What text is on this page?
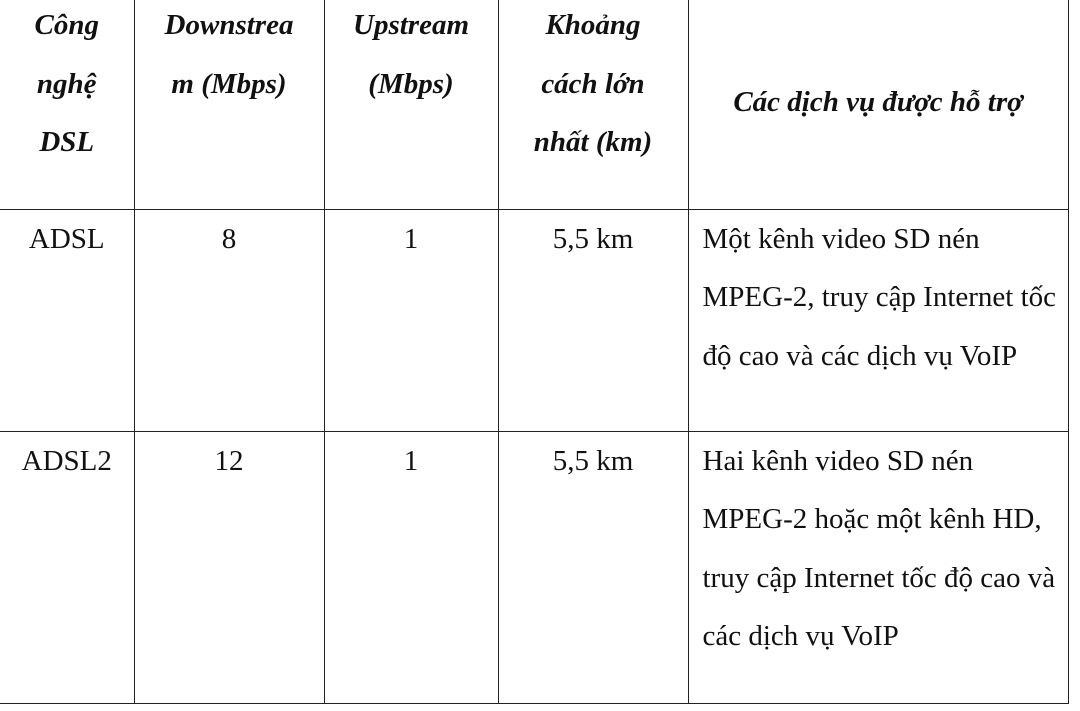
Công nghệ DSL	Downstream (Mbps)	Upstream (Mbps)	Khoảng cách lớn nhất (km)	Các dịch vụ được hỗ trợ
ADSL	8	1	5,5 km	Một kênh video SD nén MPEG-2, truy cập Internet tốc độ cao và các dịch vụ VoIP
ADSL2	12	1	5,5 km	Hai kênh video SD nén MPEG-2 hoặc một kênh HD, truy cập Internet tốc độ cao và các dịch vụ VoIP
